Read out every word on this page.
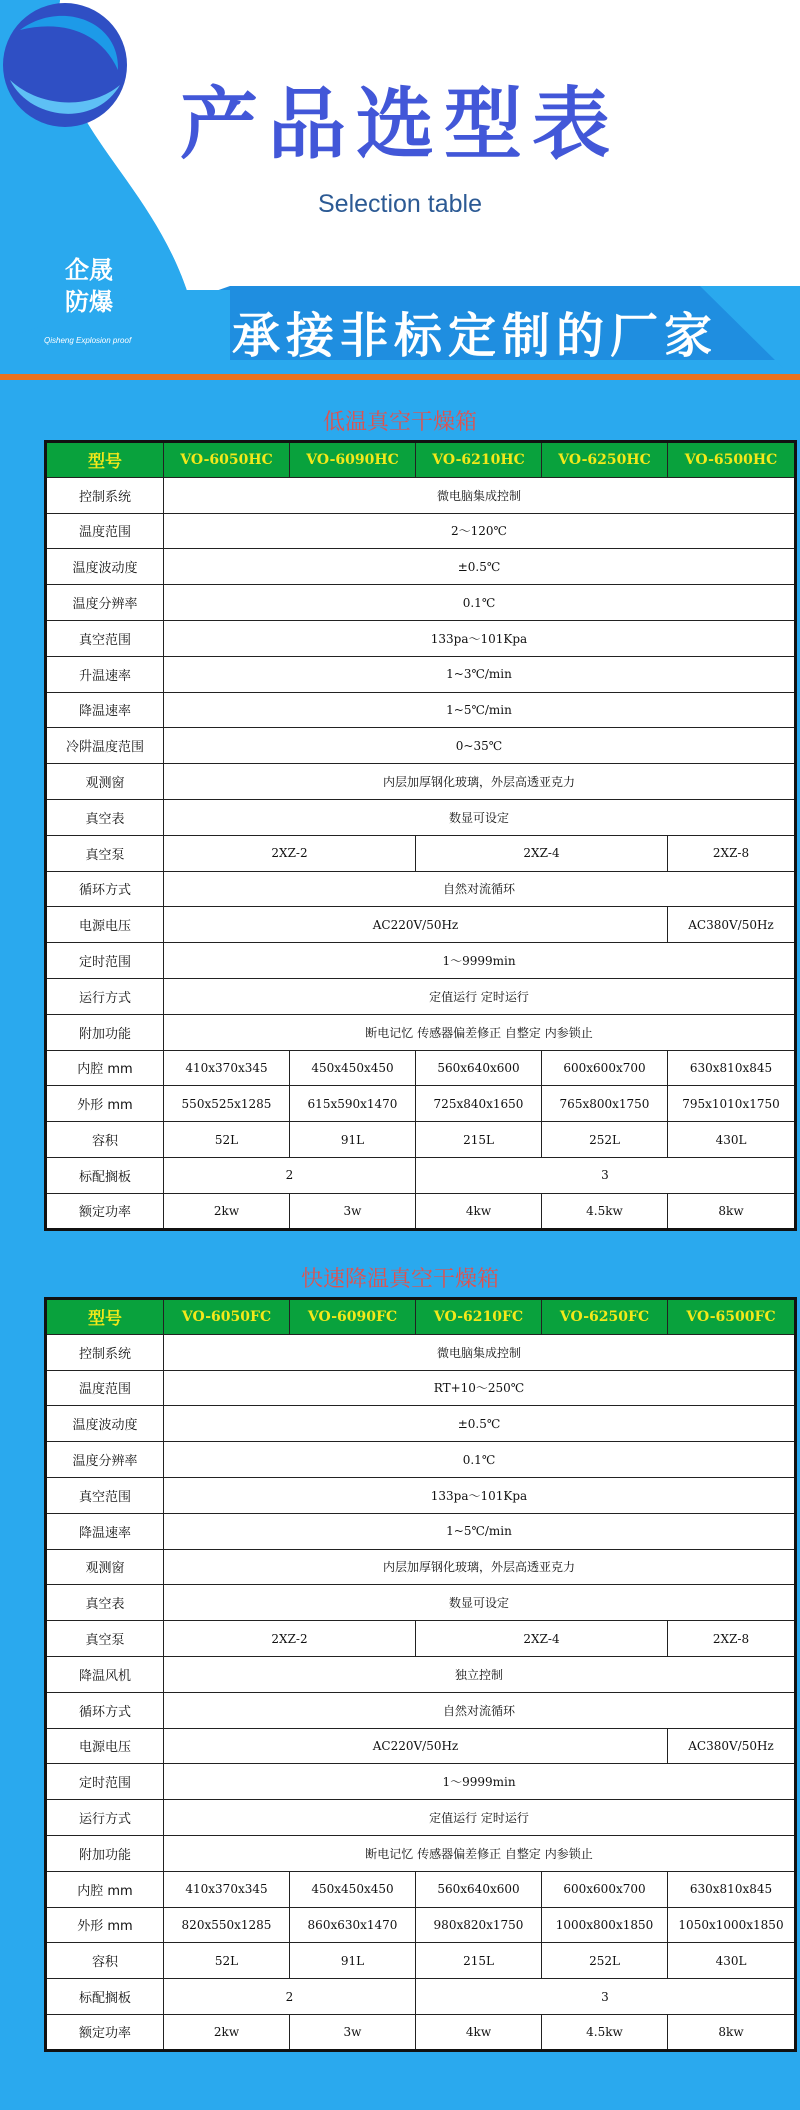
产品选型表
Selection table
企晟
防爆
Qisheng Explosion proof	承接非标定制的厂家
低温真空干燥箱
型号	VO-6050HC	VO-6090HC	VO-6210HC	VO-6250HC	VO-6500HC
控制系统	微电脑集成控制				
温度范围	2～120℃				
温度波动度	±0.5℃				
温度分辨率	0.1℃				
真空范围	133pa～101Kpa				
升温速率	1~3℃/min				
降温速率	1~5℃/min				
冷阱温度范围	0~35℃				
观测窗	内层加厚钢化玻璃，外层高透亚克力				
真空表	数显可设定				
真空泵	2XZ-2		2XZ-4		2XZ-8
循环方式	自然对流循环				
电源电压	AC220V/50Hz				AC380V/50Hz
定时范围	1～9999min				
运行方式	定值运行 定时运行				
附加功能	断电记忆 传感器偏差修正 自整定 内参锁止				
内腔 mm	410x370x345	450x450x450	560x640x600	600x600x700	630x810x845
外形 mm	550x525x1285	615x590x1470	725x840x1650	765x800x1750	795x1010x1750
容积	52L	91L	215L	252L	430L
标配搁板	2		3		
额定功率	2kw	3w	4kw	4.5kw	8kw
快速降温真空干燥箱
型号	VO-6050FC	VO-6090FC	VO-6210FC	VO-6250FC	VO-6500FC
控制系统	微电脑集成控制				
温度范围	RT+10～250℃				
温度波动度	±0.5℃				
温度分辨率	0.1℃				
真空范围	133pa～101Kpa				
降温速率	1~5℃/min				
观测窗	内层加厚钢化玻璃，外层高透亚克力				
真空表	数显可设定				
真空泵	2XZ-2		2XZ-4		2XZ-8
降温风机	独立控制				
循环方式	自然对流循环				
电源电压	AC220V/50Hz				AC380V/50Hz
定时范围	1～9999min				
运行方式	定值运行 定时运行				
附加功能	断电记忆 传感器偏差修正 自整定 内参锁止				
内腔 mm	410x370x345	450x450x450	560x640x600	600x600x700	630x810x845
外形 mm	820x550x1285	860x630x1470	980x820x1750	1000x800x1850	1050x1000x1850
容积	52L	91L	215L	252L	430L
标配搁板	2		3		
额定功率	2kw	3w	4kw	4.5kw	8kw
